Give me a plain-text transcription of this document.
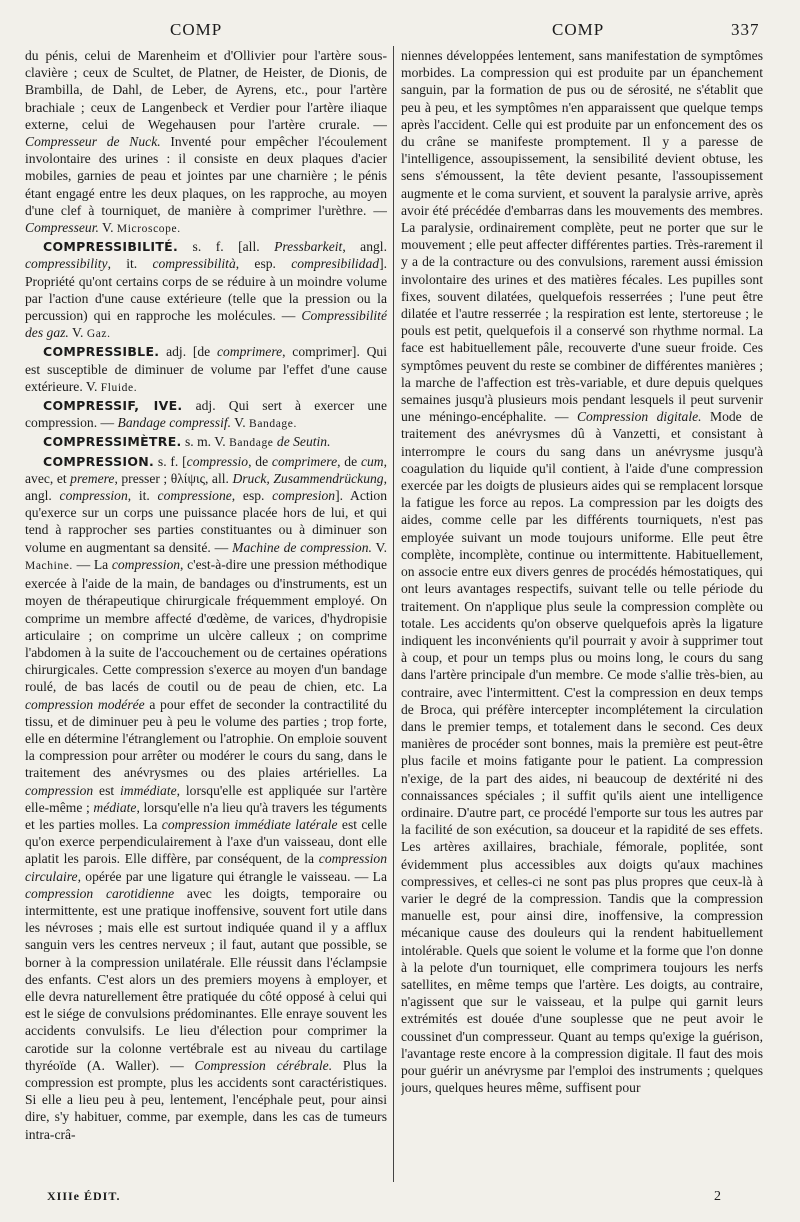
COMP	COMP	337

du pénis, celui de Marenheim et d'Ollivier pour l'artère sous-clavière ; ceux de Scultet, de Platner, de Heister, de Dionis, de Brambilla, de Dahl, de Leber, de Ayrens, etc., pour l'artère brachiale ; ceux de Langenbeck et Verdier pour l'artère iliaque externe, celui de Wegehausen pour l'artère crurale. — Compresseur de Nuck. Inventé pour empêcher l'écoulement involontaire des urines : il consiste en deux plaques d'acier mobiles, garnies de peau et jointes par une charnière ; le pénis étant engagé entre les deux plaques, on les rapproche, au moyen d'une clef à tourniquet, de manière à comprimer l'urèthre. — Compresseur. V. Microscope.

COMPRESSIBILITÉ. s. f. [all. Pressbarkeit, angl. compressibility, it. compressibilità, esp. compresibilidad]. Propriété qu'ont certains corps de se réduire à un moindre volume par l'action d'une cause extérieure (telle que la pression ou la percussion) qui en rapproche les molécules. — Compressibilité des gaz. V. Gaz.

COMPRESSIBLE. adj. [de comprimere, comprimer]. Qui est susceptible de diminuer de volume par l'effet d'une cause extérieure. V. Fluide.

COMPRESSIF, IVE. adj. Qui sert à exercer une compression. — Bandage compressif. V. Bandage.

COMPRESSIMÈTRE. s. m. V. Bandage de Seutin.

COMPRESSION. s. f. [compressio, de comprimere, de cum, avec, et premere, presser ; θλίψις, all. Druck, Zusammendrückung, angl. compression, it. compressione, esp. compresion]. Action qu'exerce sur un corps une puissance placée hors de lui, et qui tend à rapprocher ses parties constituantes ou à diminuer son volume en augmentant sa densité. — Machine de compression. V. Machine. — La compression, c'est-à-dire une pression méthodique exercée à l'aide de la main, de bandages ou d'instruments, est un moyen de thérapeutique chirurgicale fréquemment employé. On comprime un membre affecté d'œdème, de varices, d'hydropisie articulaire ; on comprime un ulcère calleux ; on comprime l'abdomen à la suite de l'accouchement ou de certaines opérations chirurgicales. Cette compression s'exerce au moyen d'un bandage roulé, de bas lacés de coutil ou de peau de chien, etc. La compression modérée a pour effet de seconder la contractilité du tissu, et de diminuer peu à peu le volume des parties ; trop forte, elle en détermine l'étranglement ou l'atrophie. On emploie souvent la compression pour arrêter ou modérer le cours du sang, dans le traitement des anévrysmes ou des plaies artérielles. La compression est immédiate, lorsqu'elle est appliquée sur l'artère elle-même ; médiate, lorsqu'elle n'a lieu qu'à travers les téguments et les parties molles. La compression immédiate latérale est celle qu'on exerce perpendiculairement à l'axe d'un vaisseau, dont elle aplatit les parois. Elle diffère, par conséquent, de la compression circulaire, opérée par une ligature qui étrangle le vaisseau. — La compression carotidienne avec les doigts, temporaire ou intermittente, est une pratique inoffensive, souvent fort utile dans les névroses ; mais elle est surtout indiquée quand il y a afflux sanguin vers les centres nerveux ; il faut, autant que possible, se borner à la compression unilatérale. Elle réussit dans l'éclampsie des enfants. C'est alors un des premiers moyens à employer, et elle devra naturellement être pratiquée du côté opposé à celui qui est le siége de convulsions prédominantes. Elle enraye souvent les accidents convulsifs. Le lieu d'élection pour comprimer la carotide sur la colonne vertébrale est au niveau du cartilage thyréoïde (A. Waller). — Compression cérébrale. Plus la compression est prompte, plus les accidents sont caractéristiques. Si elle a lieu peu à peu, lentement, l'encéphale peut, pour ainsi dire, s'y habituer, comme, par exemple, dans les cas de tumeurs intra-crâ-

niennes développées lentement, sans manifestation de symptômes morbides. La compression qui est produite par un épanchement sanguin, par la formation de pus ou de sérosité, ne s'établit que peu à peu, et les symptômes n'en apparaissent que quelque temps après l'accident. Celle qui est produite par un enfoncement des os du crâne se manifeste promptement. Il y a paresse de l'intelligence, assoupissement, la sensibilité devient obtuse, les sens s'émoussent, la tête devient pesante, l'assoupissement augmente et le coma survient, et souvent la paralysie arrive, après avoir été précédée d'embarras dans les mouvements des membres. La paralysie, ordinairement complète, peut ne porter que sur le mouvement ; elle peut affecter différentes parties. Très-rarement il y a de la contracture ou des convulsions, rarement aussi émission involontaire des urines et des matières fécales. Les pupilles sont fixes, souvent dilatées, quelquefois resserrées ; l'une peut être dilatée et l'autre resserrée ; la respiration est lente, stertoreuse ; le pouls est petit, quelquefois il a conservé son rhythme normal. La face est habituellement pâle, recouverte d'une sueur froide. Ces symptômes peuvent du reste se combiner de différentes manières ; la marche de l'affection est très-variable, et dure depuis quelques semaines jusqu'à plusieurs mois pendant lesquels il peut survenir une méningo-encéphalite. — Compression digitale. Mode de traitement des anévrysmes dû à Vanzetti, et consistant à interrompre le cours du sang dans un anévrysme jusqu'à coagulation du liquide qu'il contient, à l'aide d'une compression exercée par les doigts de plusieurs aides qui se remplacent lorsque la fatigue les force au repos. La compression par les doigts des aides, comme celle par les différents tourniquets, n'est pas employée suivant un mode toujours uniforme. Elle peut être complète, incomplète, continue ou intermittente. Habituellement, on associe entre eux divers genres de procédés hémostatiques, qui ont leurs avantages respectifs, suivant telle ou telle période du traitement. On n'applique plus seule la compression complète ou totale. Les accidents qu'on observe quelquefois après la ligature indiquent les inconvénients qu'il pourrait y avoir à supprimer tout à coup, et pour un temps plus ou moins long, le cours du sang dans l'artère principale d'un membre. Ce mode s'allie très-bien, au contraire, avec l'intermittent. C'est la compression en deux temps de Broca, qui préfère intercepter incomplétement la circulation dans le premier temps, et totalement dans le second. Ces deux manières de procéder sont bonnes, mais la première est peut-être plus facile et moins fatigante pour le patient. La compression n'exige, de la part des aides, ni beaucoup de dextérité ni des connaissances spéciales ; il suffit qu'ils aient une intelligence ordinaire. D'autre part, ce procédé l'emporte sur tous les autres par la facilité de son exécution, sa douceur et la rapidité de ses effets. Les artères axillaires, brachiale, fémorale, poplitée, sont évidemment plus accessibles aux doigts qu'aux machines compressives, et celles-ci ne sont pas plus propres que ceux-là à varier le degré de la compression. Tandis que la compression manuelle est, pour ainsi dire, inoffensive, la compression mécanique cause des douleurs qui la rendent habituellement intolérable. Quels que soient le volume et la forme que l'on donne à la pelote d'un tourniquet, elle comprimera toujours les nerfs satellites, en même temps que l'artère. Les doigts, au contraire, n'agissent que sur le vaisseau, et la pulpe qui garnit leurs extrémités est douée d'une souplesse que ne peut avoir le coussinet d'un compresseur. Quant au temps qu'exige la guérison, l'avantage reste encore à la compression digitale. Il faut des mois pour guérir un anévrysme par l'emploi des instruments ; quelques jours, quelques heures même, suffisent pour

XIIIe ÉDIT.	2
